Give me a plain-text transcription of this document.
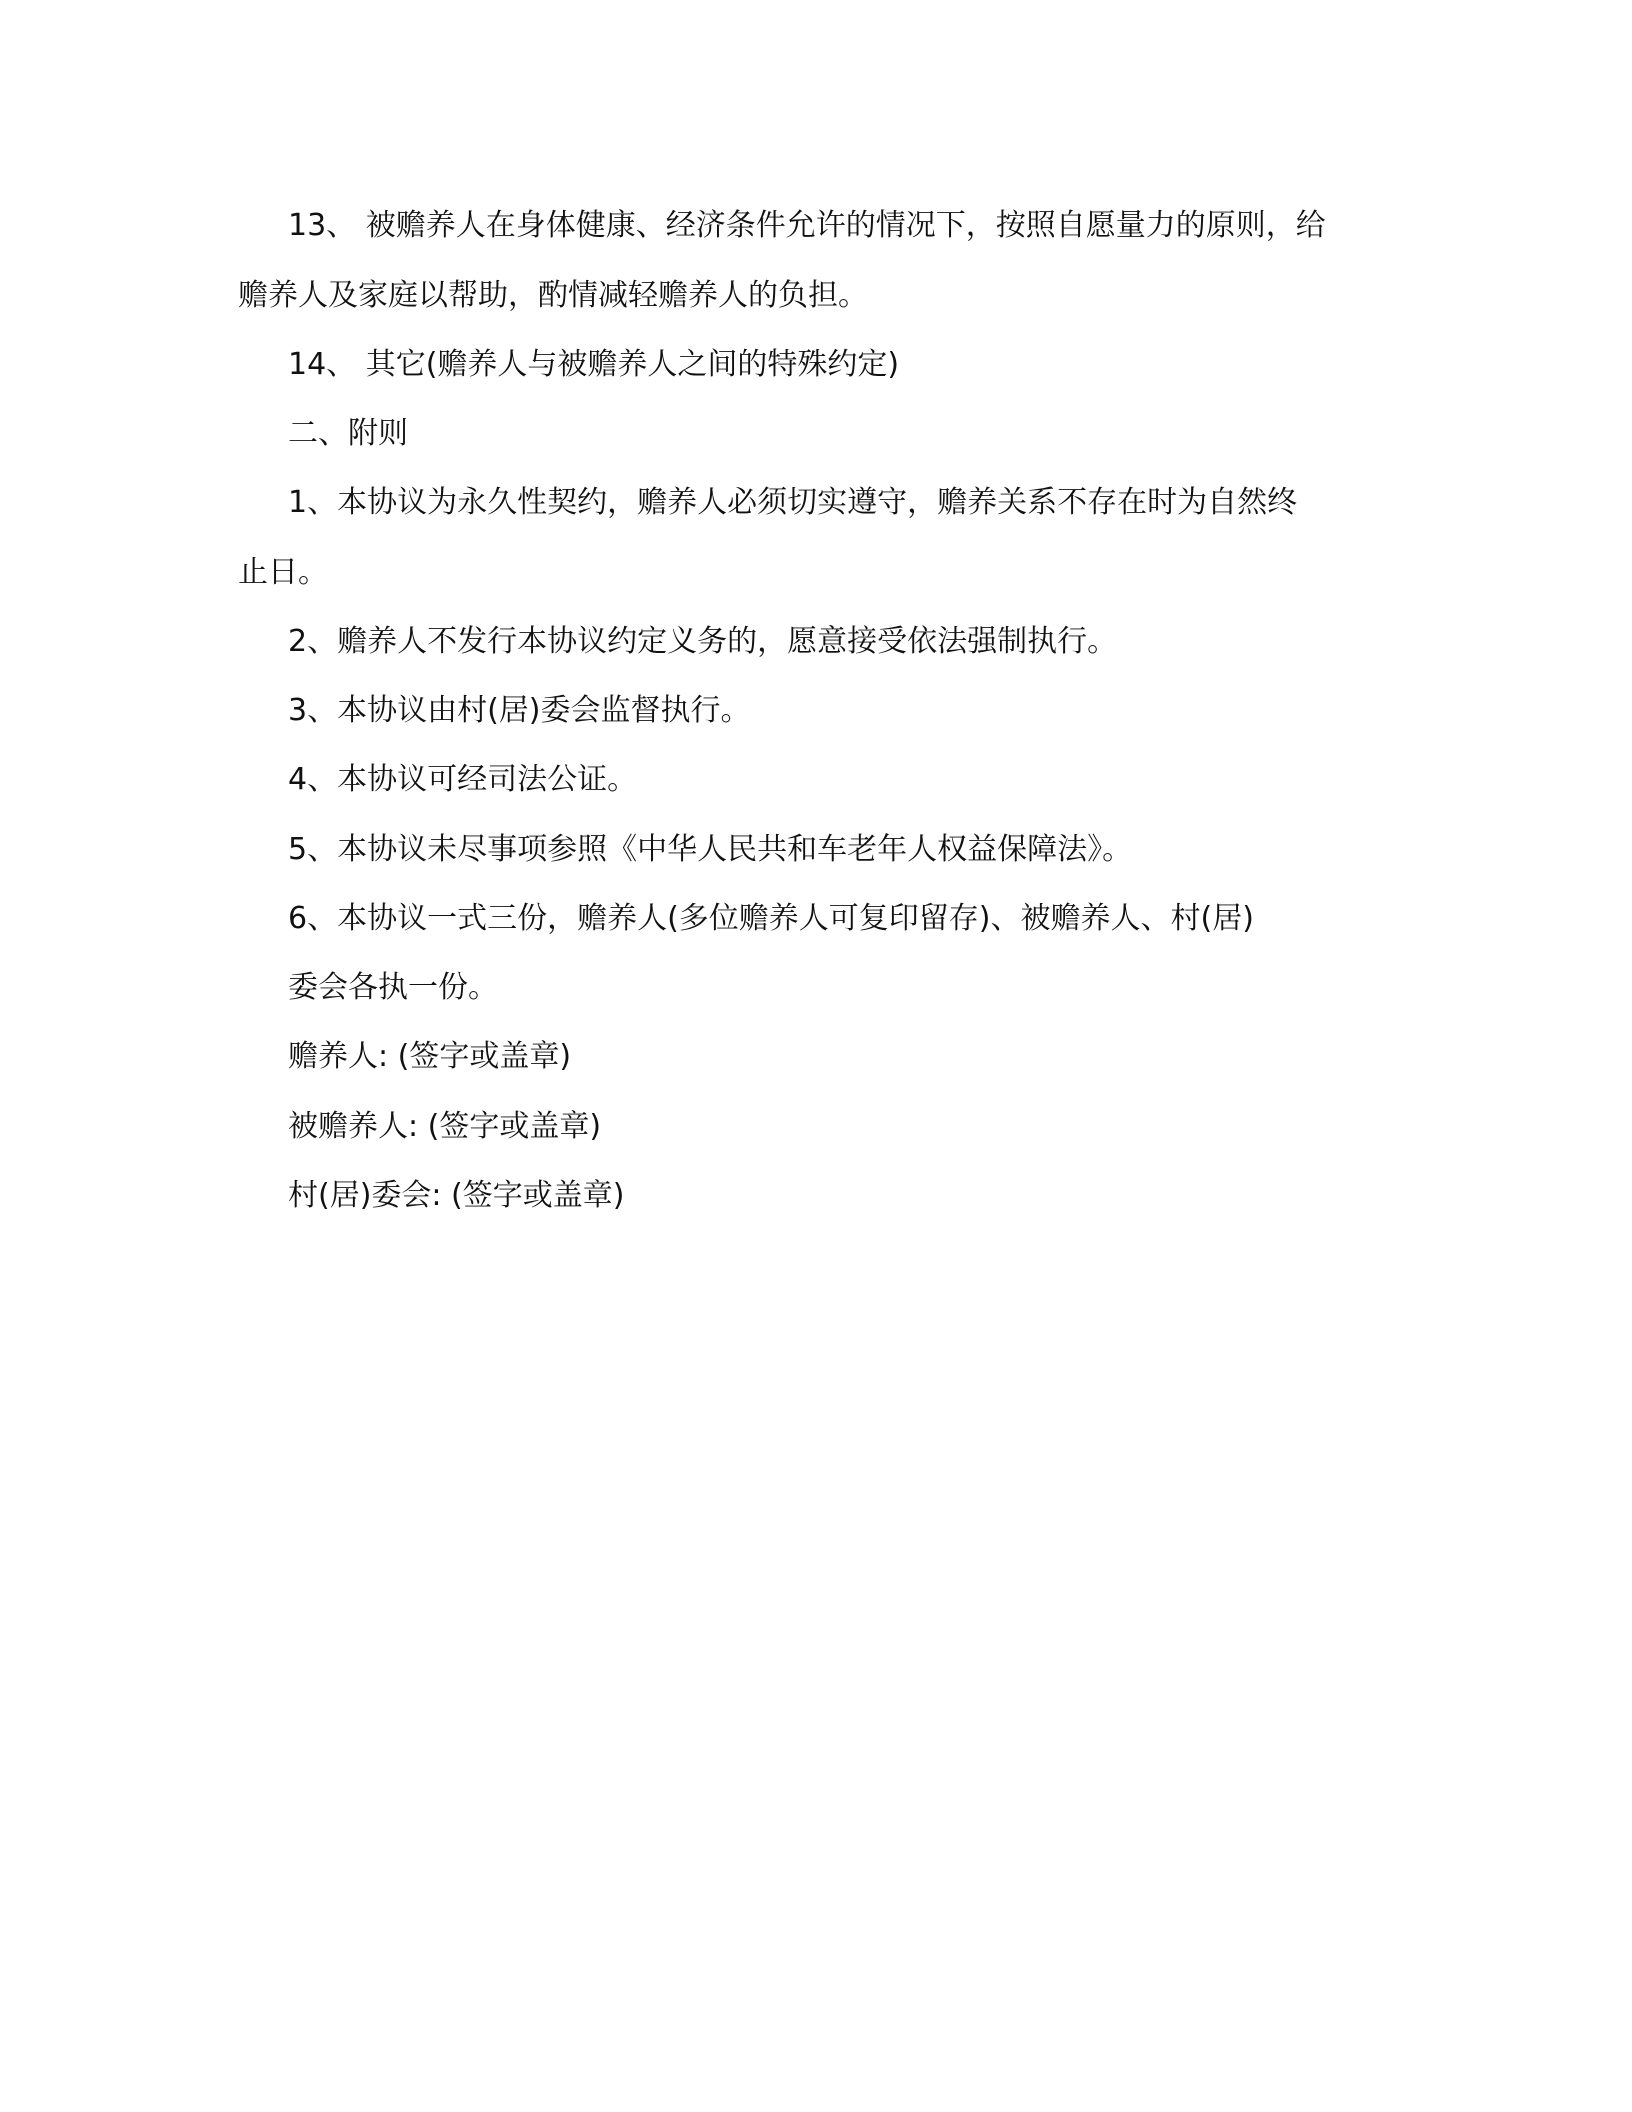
13、 被赡养人在身体健康、经济条件允许的情况下，按照自愿量力的原则，给
赡养人及家庭以帮助，酌情减轻赡养人的负担。
14、 其它(赡养人与被赡养人之间的特殊约定)
二、附则
1、本协议为永久性契约，赡养人必须切实遵守，赡养关系不存在时为自然终
止日。
2、赡养人不发行本协议约定义务的，愿意接受依法强制执行。
3、本协议由村(居)委会监督执行。
4、本协议可经司法公证。
5、本协议未尽事项参照《中华人民共和车老年人权益保障法》。
6、本协议一式三份，赡养人(多位赡养人可复印留存)、被赡养人、村(居)
委会各执一份。
赡养人: (签字或盖章)
被赡养人: (签字或盖章)
村(居)委会: (签字或盖章)
